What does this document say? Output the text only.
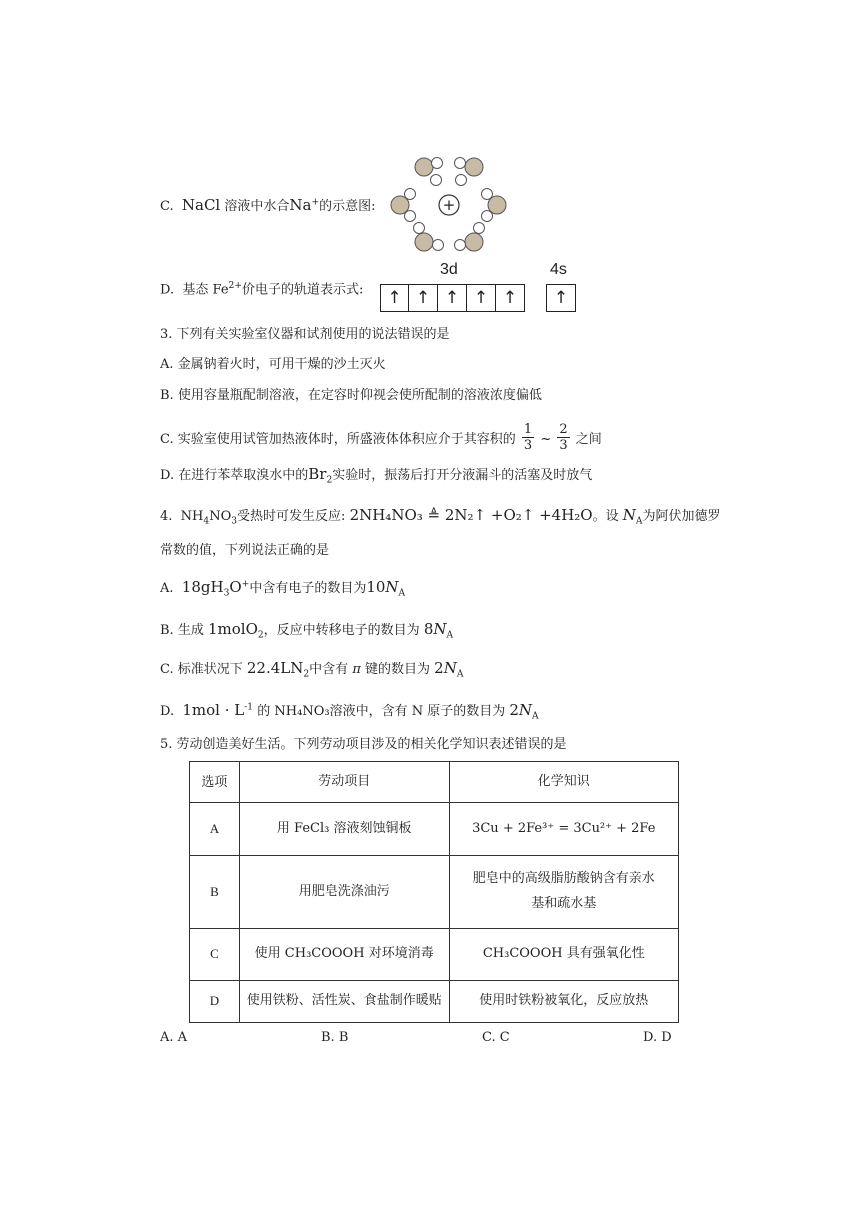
C. NaCl 溶液中水合Na+的示意图:	+
D. 基态 $Fe^{2+}$价电子的轨道表示式:
3d	4s
↑ ↑ ↑ ↑ ↑ ↑
3. 下列有关实验室仪器和试剂使用的说法错误的是
A. 金属钠着火时，可用干燥的沙土灭火
B. 使用容量瓶配制溶液，在定容时仰视会使所配制的溶液浓度偏低
C. 实验室使用试管加热液体时，所盛液体体积应介于其容积的 $\frac{1}{3}$ ~ $\frac{2}{3}$ 之间
D. 在进行苯萃取溴水中的$Br_2$实验时，振荡后打开分液漏斗的活塞及时放气
4. $NH_4NO_3$受热时可发生反应: 2NH₄NO₃ ≜ 2N₂↑ +O₂↑ +4H₂O。设 $N_A$为阿伏加德罗
常数的值，下列说法正确的是
A. $18gH_3O^+$中含有电子的数目为$10N_A$
B. 生成 1molO$_2$，反应中转移电子的数目为 $8N_A$
C. 标准状况下 $22.4LN_2$中含有 π 键的数目为 $2N_A$
D. $1mol \cdot L^{-1}$ 的 NH₄NO₃溶液中，含有 N 原子的数目为 $2N_A$
5. 劳动创造美好生活。下列劳动项目涉及的相关化学知识表述错误的是
选项	劳动项目	化学知识
A	用 FeCl₃ 溶液刻蚀铜板	3Cu + 2Fe³⁺ = 3Cu²⁺ + 2Fe
B	用肥皂洗涤油污	肥皂中的高级脂肪酸钠含有亲水基和疏水基
C	使用 CH₃COOOH 对环境消毒	CH₃COOOH 具有强氧化性
D	使用铁粉、活性炭、食盐制作暖贴	使用时铁粉被氧化，反应放热
A. A	B. B	C. C	D. D
